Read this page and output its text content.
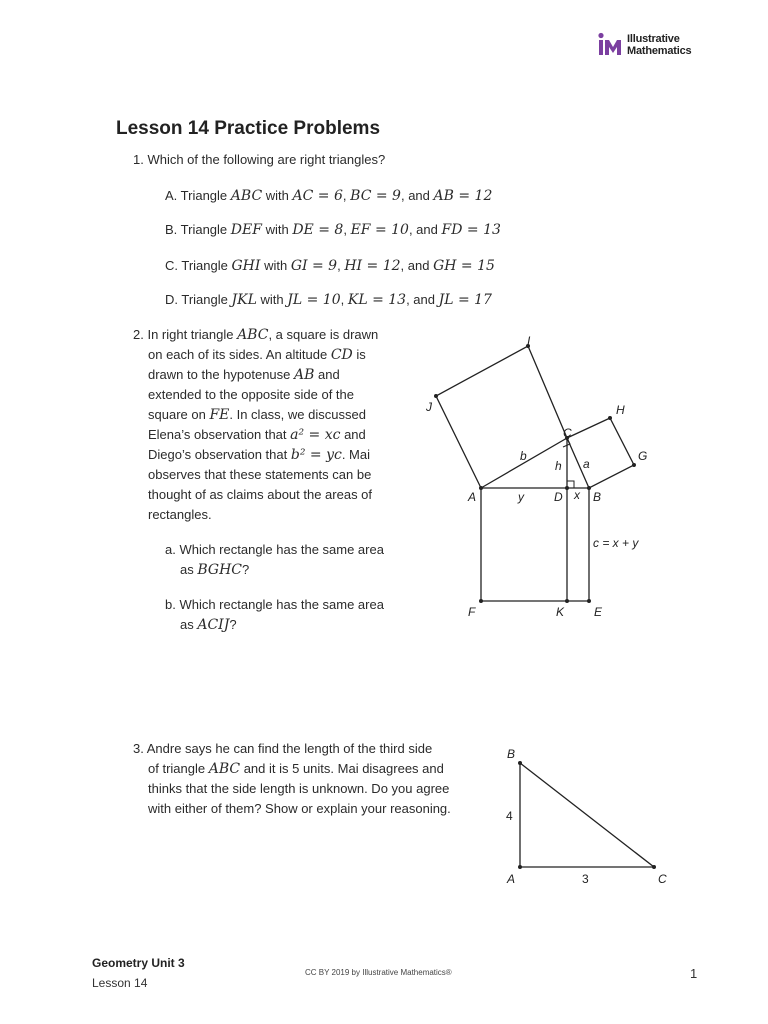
Illustrative
Mathematics
Lesson 14 Practice Problems
1. Which of the following are right triangles?
A. Triangle ABC with AC = 6, BC = 9, and AB = 12
B. Triangle DEF with DE = 8, EF = 10, and FD = 13
C. Triangle GHI with GI = 9, HI = 12, and GH = 15
D. Triangle JKL with JL = 10, KL = 13, and JL = 17
2. In right triangle ABC, a square is drawn
on each of its sides. An altitude CD is
drawn to the hypotenuse AB and
extended to the opposite side of the
square on FE. In class, we discussed
Elena’s observation that a² = xc and
Diego’s observation that b² = yc. Mai
observes that these statements can be
thought of as claims about the areas of
rectangles.
a. Which rectangle has the same area
as BGHC?
b. Which rectangle has the same area
as ACIJ?
I
J	H
C
G
A	B
D
F	K E
b
h a
y	x
c = x + y
3. Andre says he can find the length of the third side
of triangle ABC and it is 5 units. Mai disagrees and
thinks that the side length is unknown. Do you agree
with either of them? Show or explain your reasoning.
B
A	C
4
3
Geometry Unit 3
Lesson 14
CC BY 2019 by Illustrative Mathematics®	1
